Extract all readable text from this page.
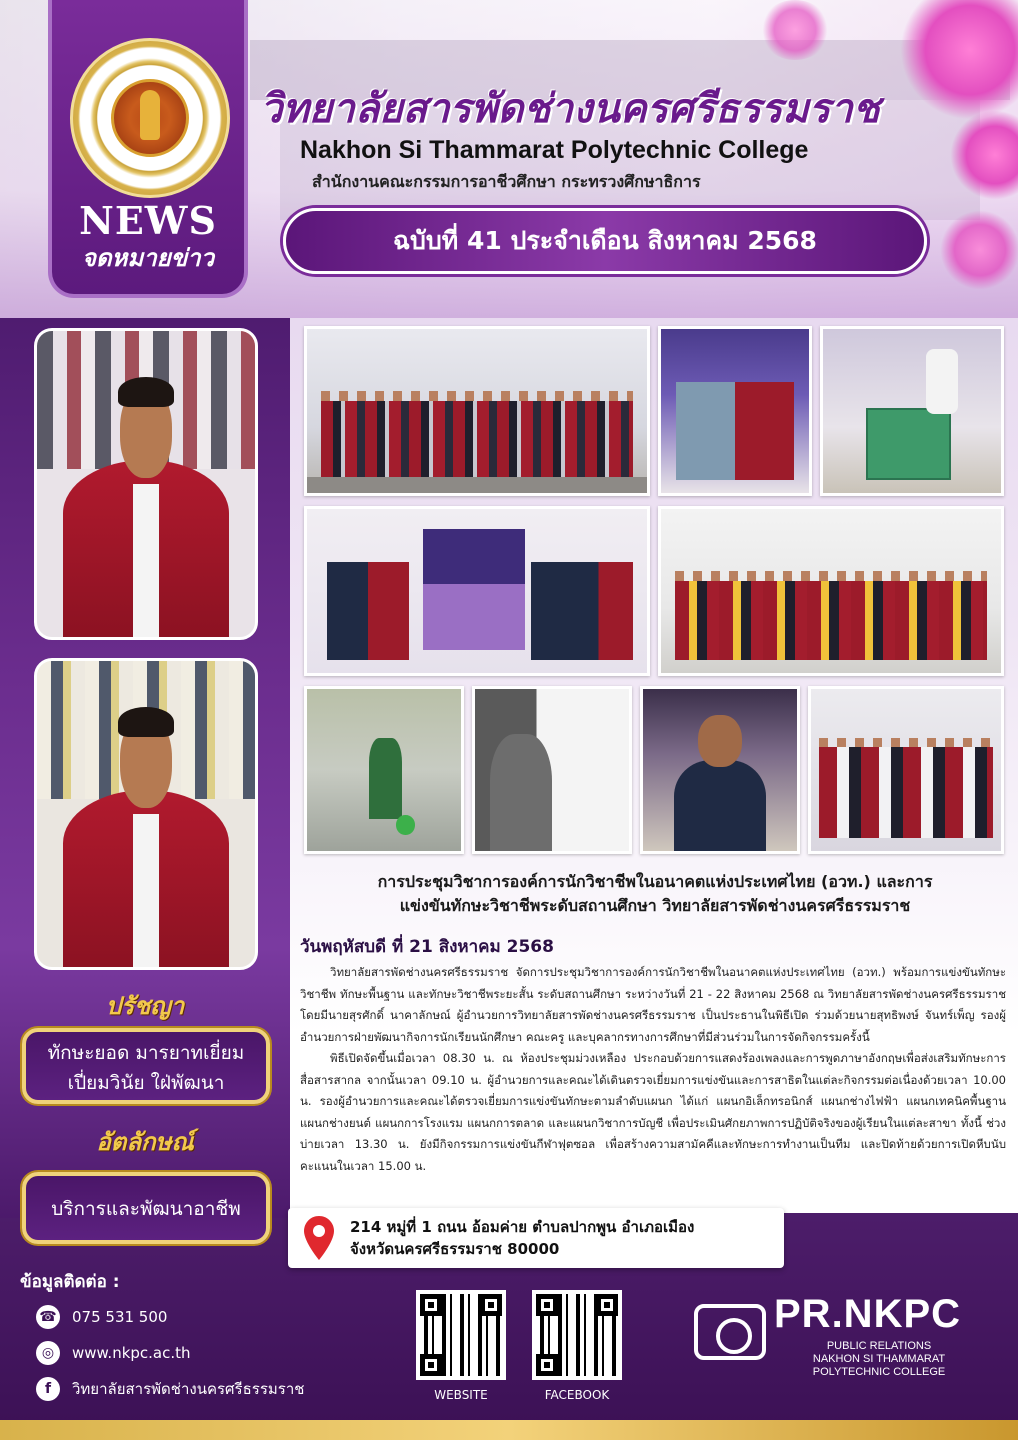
NEWS
จดหมายข่าว
วิทยาลัยสารพัดช่างนครศรีธรรมราช
Nakhon Si Thammarat Polytechnic College
สำนักงานคณะกรรมการอาชีวศึกษา กระทรวงศึกษาธิการ
ฉบับที่ 41 ประจำเดือน สิงหาคม 2568
ปรัชญา
ทักษะยอด มารยาทเยี่ยม
เปี่ยมวินัย ใฝ่พัฒนา
อัตลักษณ์
บริการและพัฒนาอาชีพ
การประชุมวิชาการองค์การนักวิชาชีพในอนาคตแห่งประเทศไทย (อวท.) และการ
แข่งขันทักษะวิชาชีพระดับสถานศึกษา วิทยาลัยสารพัดช่างนครศรีธรรมราช
วันพฤหัสบดี ที่ 21 สิงหาคม 2568

วิทยาลัยสารพัดช่างนครศรีธรรมราช จัดการประชุมวิชาการองค์การนักวิชาชีพในอนาคตแห่งประเทศไทย (อวท.) พร้อมการแข่งขันทักษะวิชาชีพ ทักษะพื้นฐาน และทักษะวิชาชีพระยะสั้น ระดับสถานศึกษา ระหว่างวันที่ 21 - 22 สิงหาคม 2568 ณ วิทยาลัยสารพัดช่างนครศรีธรรมราช โดยมีนายสุรศักดิ์ นาคาลักษณ์ ผู้อำนวยการวิทยาลัยสารพัดช่างนครศรีธรรมราช เป็นประธานในพิธีเปิด ร่วมด้วยนายสุทธิพงษ์ จันทร์เพ็ญ รองผู้อำนวยการฝ่ายพัฒนากิจการนักเรียนนักศึกษา คณะครู และบุคลากรทางการศึกษาที่มีส่วนร่วมในการจัดกิจกรรมครั้งนี้

พิธีเปิดจัดขึ้นเมื่อเวลา 08.30 น. ณ ห้องประชุมม่วงเหลือง ประกอบด้วยการแสดงร้องเพลงและการพูดภาษาอังกฤษเพื่อส่งเสริมทักษะการสื่อสารสากล จากนั้นเวลา 09.10 น. ผู้อำนวยการและคณะได้เดินตรวจเยี่ยมการแข่งขันและการสาธิตในแต่ละกิจกรรมต่อเนื่องด้วยเวลา 10.00 น. รองผู้อำนวยการและคณะได้ตรวจเยี่ยมการแข่งขันทักษะตามลำดับแผนก ได้แก่ แผนกอิเล็กทรอนิกส์ แผนกช่างไฟฟ้า แผนกเทคนิคพื้นฐาน แผนกช่างยนต์ แผนกการโรงแรม แผนกการตลาด และแผนกวิชาการบัญชี เพื่อประเมินศักยภาพการปฏิบัติจริงของผู้เรียนในแต่ละสาขา ทั้งนี้ ช่วงบ่ายเวลา 13.30 น. ยังมีกิจกรรมการแข่งขันกีฬาฟุตซอล เพื่อสร้างความสามัคคีและทักษะการทำงานเป็นทีม และปิดท้ายด้วยการเปิดหีบนับคะแนนในเวลา 15.00 น.

214 หมู่ที่ 1 ถนน อ้อมค่าย ตำบลปากพูน อำเภอเมือง
จังหวัดนครศรีธรรมราช 80000
ข้อมูลติดต่อ :
☎ 075 531 500
◎	www.nkpc.ac.th
f	วิทยาลัยสารพัดช่างนครศรีธรรมราช	WEBSITE	FACEBOOK
PR.NKPC
PUBLIC RELATIONS
NAKHON SI THAMMARAT
POLYTECHNIC COLLEGE
